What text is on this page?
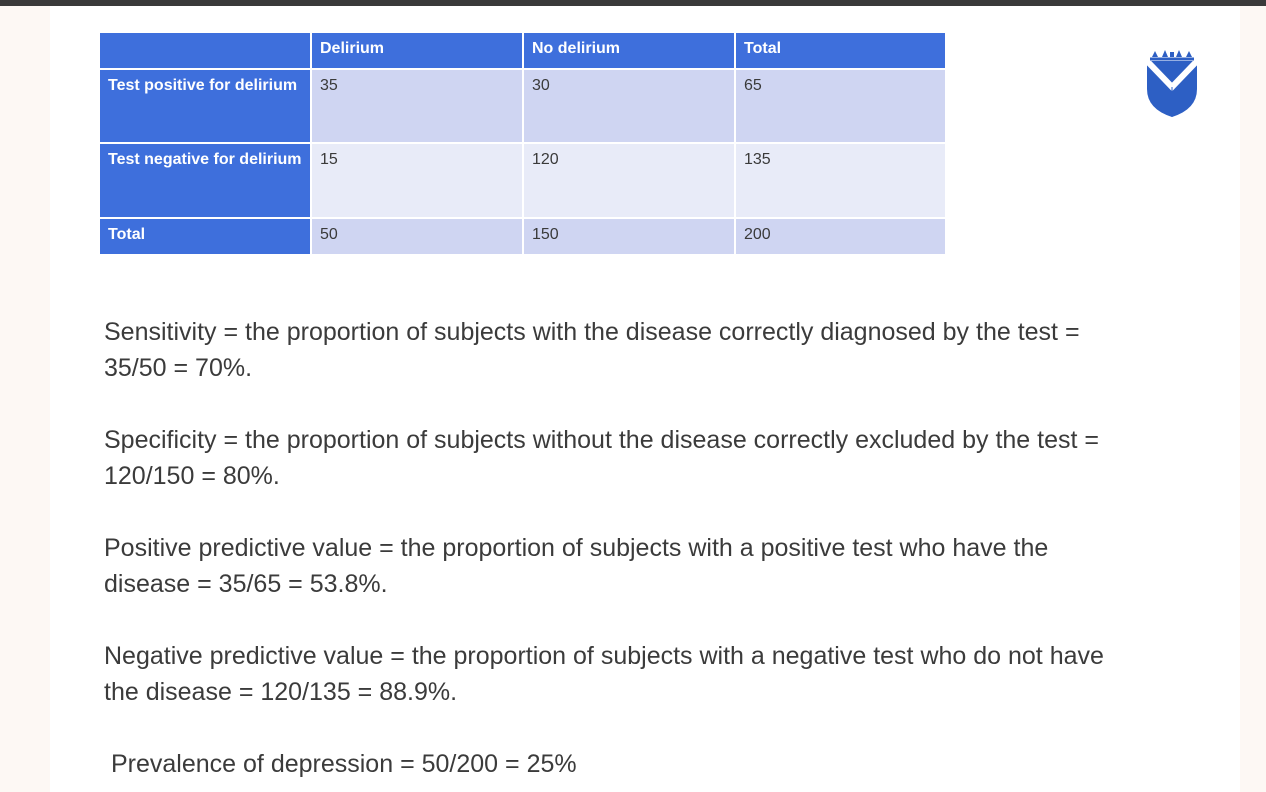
	Delirium	No delirium	Total
Test positive for delirium	35	30	65
Test negative for delirium	15	120	135
Total	50	150	200

Sensitivity = the proportion of subjects with the disease correctly diagnosed by the test = 35/50 = 70%.

Specificity = the proportion of subjects without the disease correctly excluded by the test = 120/150 = 80%.

Positive predictive value = the proportion of subjects with a positive test who have the disease = 35/65 = 53.8%.

Negative predictive value = the proportion of subjects with a negative test who do not have the disease = 120/135 = 88.9%.

Prevalence of depression = 50/200 = 25%
